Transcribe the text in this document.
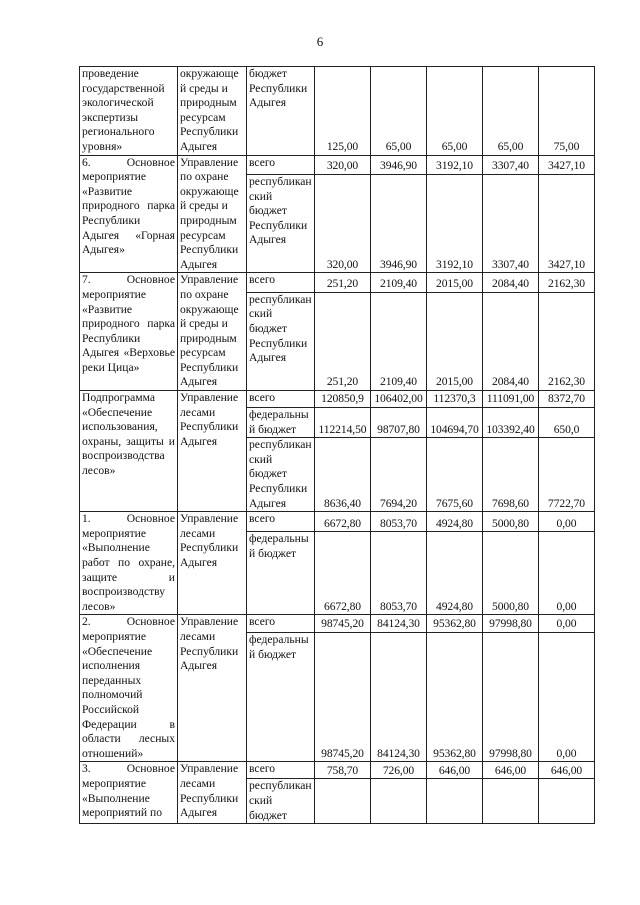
6
проведение государственной экологической экспертизы регионального уровня»	окружающей среды и природным ресурсам Республики Адыгея	бюджет Республики Адыгея	125,00	65,00	65,00	65,00	75,00
6. Основное мероприятие «Развитие природного парка Республики Адыгея «Горная Адыгея»	Управление по охране окружающей среды и природным ресурсам Республики Адыгея	всего	320,00	3946,90	3192,10	3307,40	3427,10
		республиканский бюджет Республики Адыгея	320,00	3946,90	3192,10	3307,40	3427,10
7. Основное мероприятие «Развитие природного парка Республики Адыгея «Верховье реки Цица»	Управление по охране окружающей среды и природным ресурсам Республики Адыгея	всего	251,20	2109,40	2015,00	2084,40	2162,30
		республиканский бюджет Республики Адыгея	251,20	2109,40	2015,00	2084,40	2162,30
Подпрограмма «Обеспечение использования, охраны, защиты и воспроизводства лесов»	Управление лесами Республики Адыгея	всего	120850,9	106402,00	112370,3	111091,00	8372,70
		федеральный бюджет	112214,50	98707,80	104694,70	103392,40	650,0
		республиканский бюджет Республики Адыгея	8636,40	7694,20	7675,60	7698,60	7722,70
1. Основное мероприятие «Выполнение работ по охране, защите и воспроизводству лесов»	Управление лесами Республики Адыгея	всего	6672,80	8053,70	4924,80	5000,80	0,00
		федеральный бюджет	6672,80	8053,70	4924,80	5000,80	0,00
2. Основное мероприятие «Обеспечение исполнения переданных полномочий Российской Федерации в области лесных отношений»	Управление лесами Республики Адыгея	всего	98745,20	84124,30	95362,80	97998,80	0,00
		федеральный бюджет	98745,20	84124,30	95362,80	97998,80	0,00
3. Основное мероприятие «Выполнение мероприятий по	Управление лесами Республики Адыгея	всего	758,70	726,00	646,00	646,00	646,00
		республиканский бюджет					
